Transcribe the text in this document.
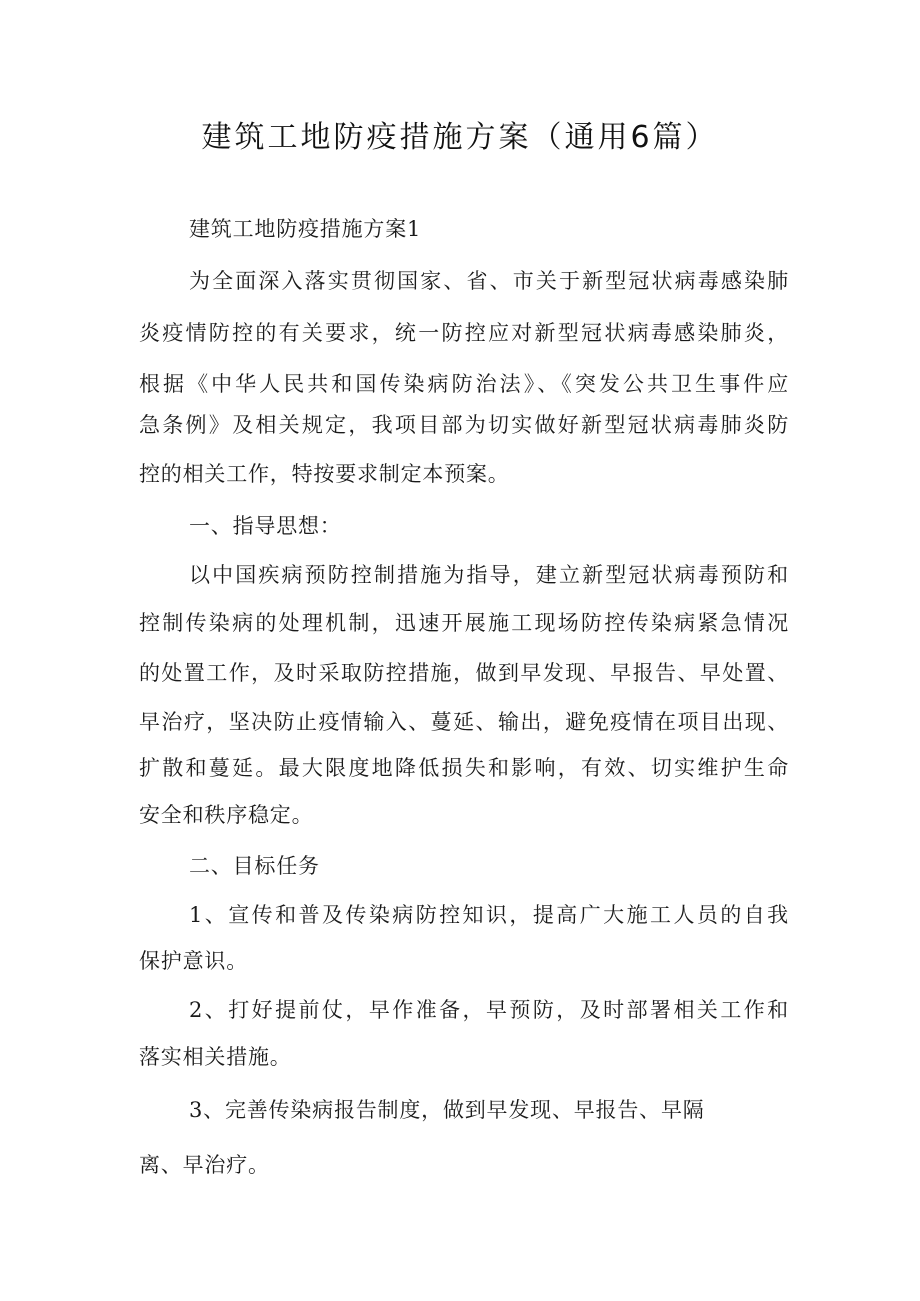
建筑工地防疫措施方案（通用6篇）
建筑工地防疫措施方案1
为全面深入落实贯彻国家、省、市关于新型冠状病毒感染肺
炎疫情防控的有关要求，统一防控应对新型冠状病毒感染肺炎，
根据《中华人民共和国传染病防治法》、《突发公共卫生事件应
急条例》及相关规定，我项目部为切实做好新型冠状病毒肺炎防
控的相关工作，特按要求制定本预案。
一、指导思想：
以中国疾病预防控制措施为指导，建立新型冠状病毒预防和
控制传染病的处理机制，迅速开展施工现场防控传染病紧急情况
的处置工作，及时采取防控措施，做到早发现、早报告、早处置、
早治疗，坚决防止疫情输入、蔓延、输出，避免疫情在项目出现、
扩散和蔓延。最大限度地降低损失和影响，有效、切实维护生命
安全和秩序稳定。
二、目标任务
1、宣传和普及传染病防控知识，提高广大施工人员的自我
保护意识。
2、打好提前仗，早作准备，早预防，及时部署相关工作和
落实相关措施。
3、完善传染病报告制度，做到早发现、早报告、早隔
离、早治疗。
